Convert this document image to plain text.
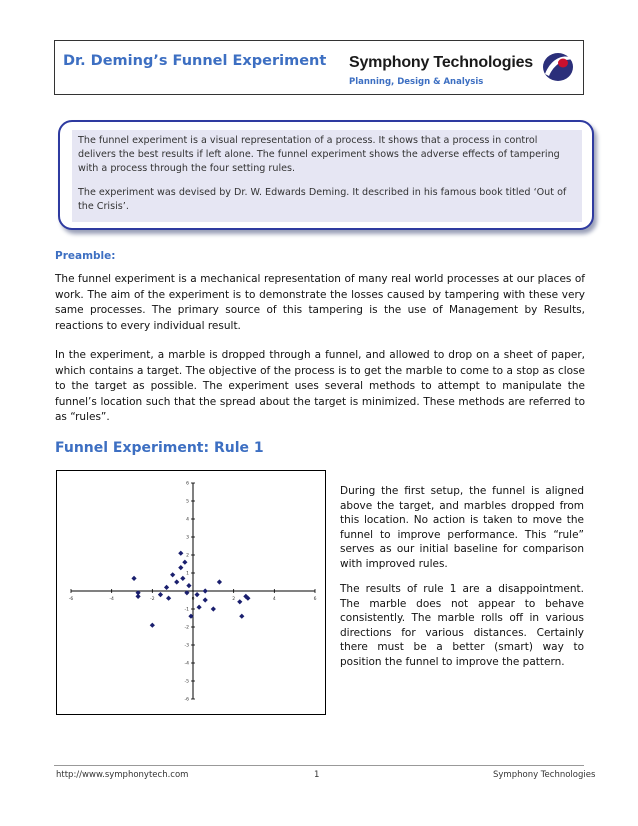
Dr. Deming’s Funnel Experiment Symphony Technologies
Planning, Design & Analysis

The funnel experiment is a visual representation of a process. It shows that a process in control delivers the best results if left alone. The funnel experiment shows the adverse effects of tampering with a process through the four setting rules.

The experiment was devised by Dr. W. Edwards Deming. It described in his famous book titled ‘Out of the Crisis’.

Preamble:

The funnel experiment is a mechanical representation of many real world processes at our places of work. The aim of the experiment is to demonstrate the losses caused by tampering with these very same processes. The primary source of this tampering is the use of Management by Results, reactions to every individual result.

In the experiment, a marble is dropped through a funnel, and allowed to drop on a sheet of paper, which contains a target. The objective of the process is to get the marble to come to a stop as close to the target as possible. The experiment uses several methods to attempt to manipulate the funnel’s location such that the spread about the target is minimized. These methods are referred to as “rules”.

Funnel Experiment: Rule 1
-6	-4	-2	0	2	4	6
6
5
4
3
2
1
-1
-2
-3
-4
-5
-6

During the first setup, the funnel is aligned above the target, and marbles dropped from this location. No action is taken to move the funnel to improve performance. This “rule” serves as our initial baseline for comparison with improved rules.

The results of rule 1 are a disappointment. The marble does not appear to behave consistently. The marble rolls off in various directions for various distances. Certainly there must be a better (smart) way to position the funnel to improve the pattern.

http://www.symphonytech.com	1	Symphony Technologies
